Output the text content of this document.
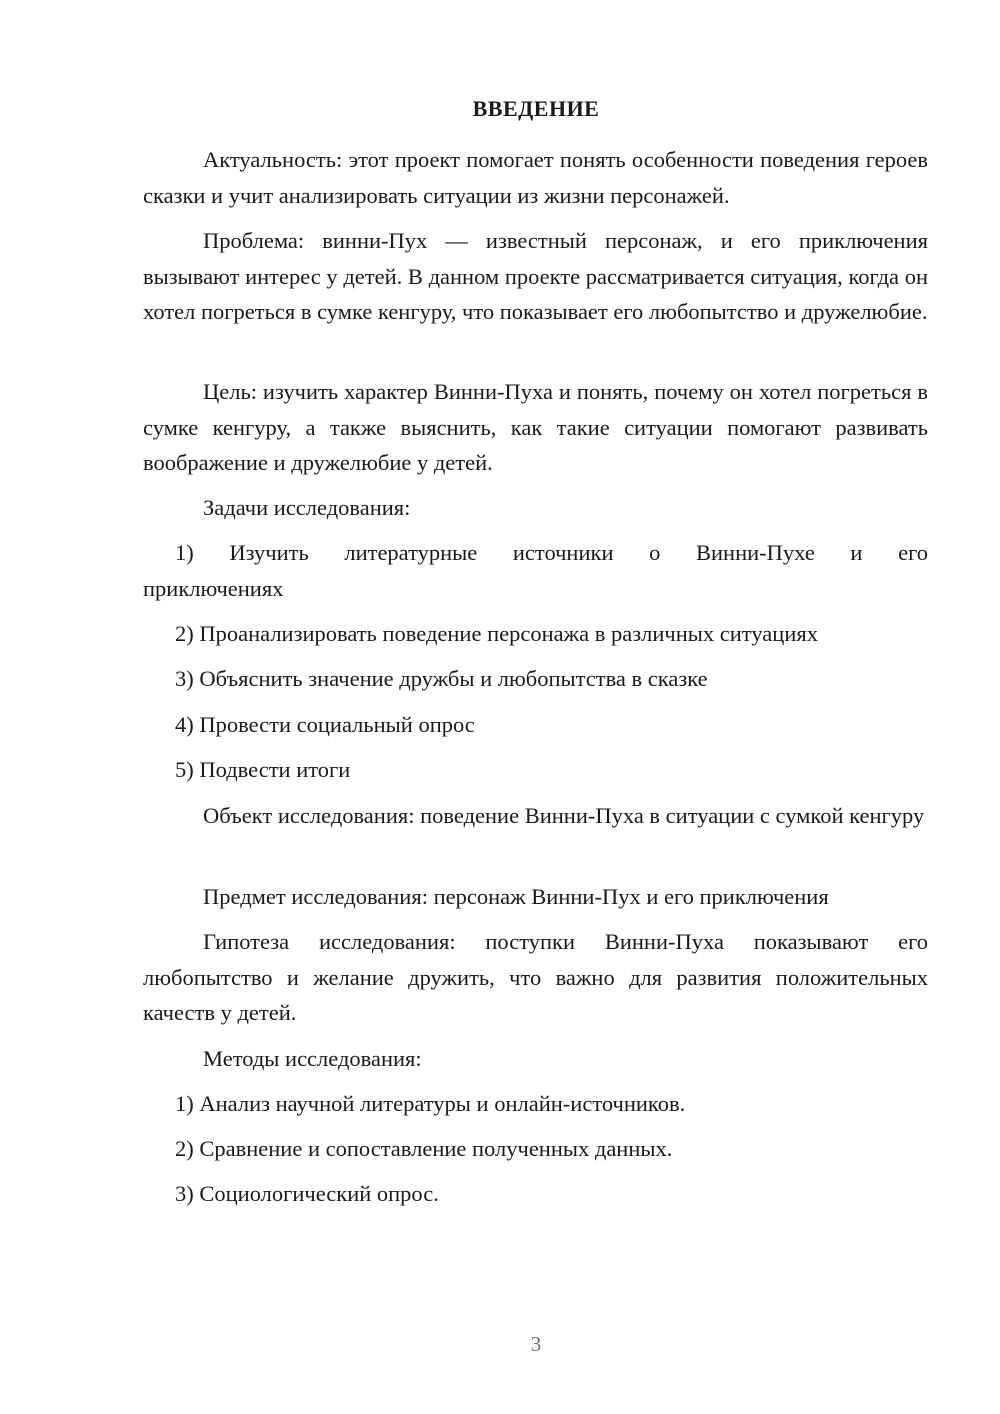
ВВЕДЕНИЕ

Актуальность: этот проект помогает понять особенности поведения героев сказки и учит анализировать ситуации из жизни персонажей.

Проблема: винни-Пух — известный персонаж, и его приключения вызывают интерес у детей. В данном проекте рассматривается ситуация, когда он хотел погреться в сумке кенгуру, что показывает его любопытство и дружелюбие.

Цель: изучить характер Винни-Пуха и понять, почему он хотел погреться в сумке кенгуру, а также выяснить, как такие ситуации помогают развивать воображение и дружелюбие у детей.

Задачи исследования:

1) Изучить литературные источники о Винни-Пухе и его приключениях

2) Проанализировать поведение персонажа в различных ситуациях

3) Объяснить значение дружбы и любопытства в сказке

4) Провести социальный опрос

5) Подвести итоги

Объект исследования: поведение Винни-Пуха в ситуации с сумкой кенгуру

Предмет исследования: персонаж Винни-Пух и его приключения

Гипотеза исследования: поступки Винни-Пуха показывают его любопытство и желание дружить, что важно для развития положительных качеств у детей.

Методы исследования:

1) Анализ научной литературы и онлайн-источников.

2) Сравнение и сопоставление полученных данных.

3) Социологический опрос.

3
